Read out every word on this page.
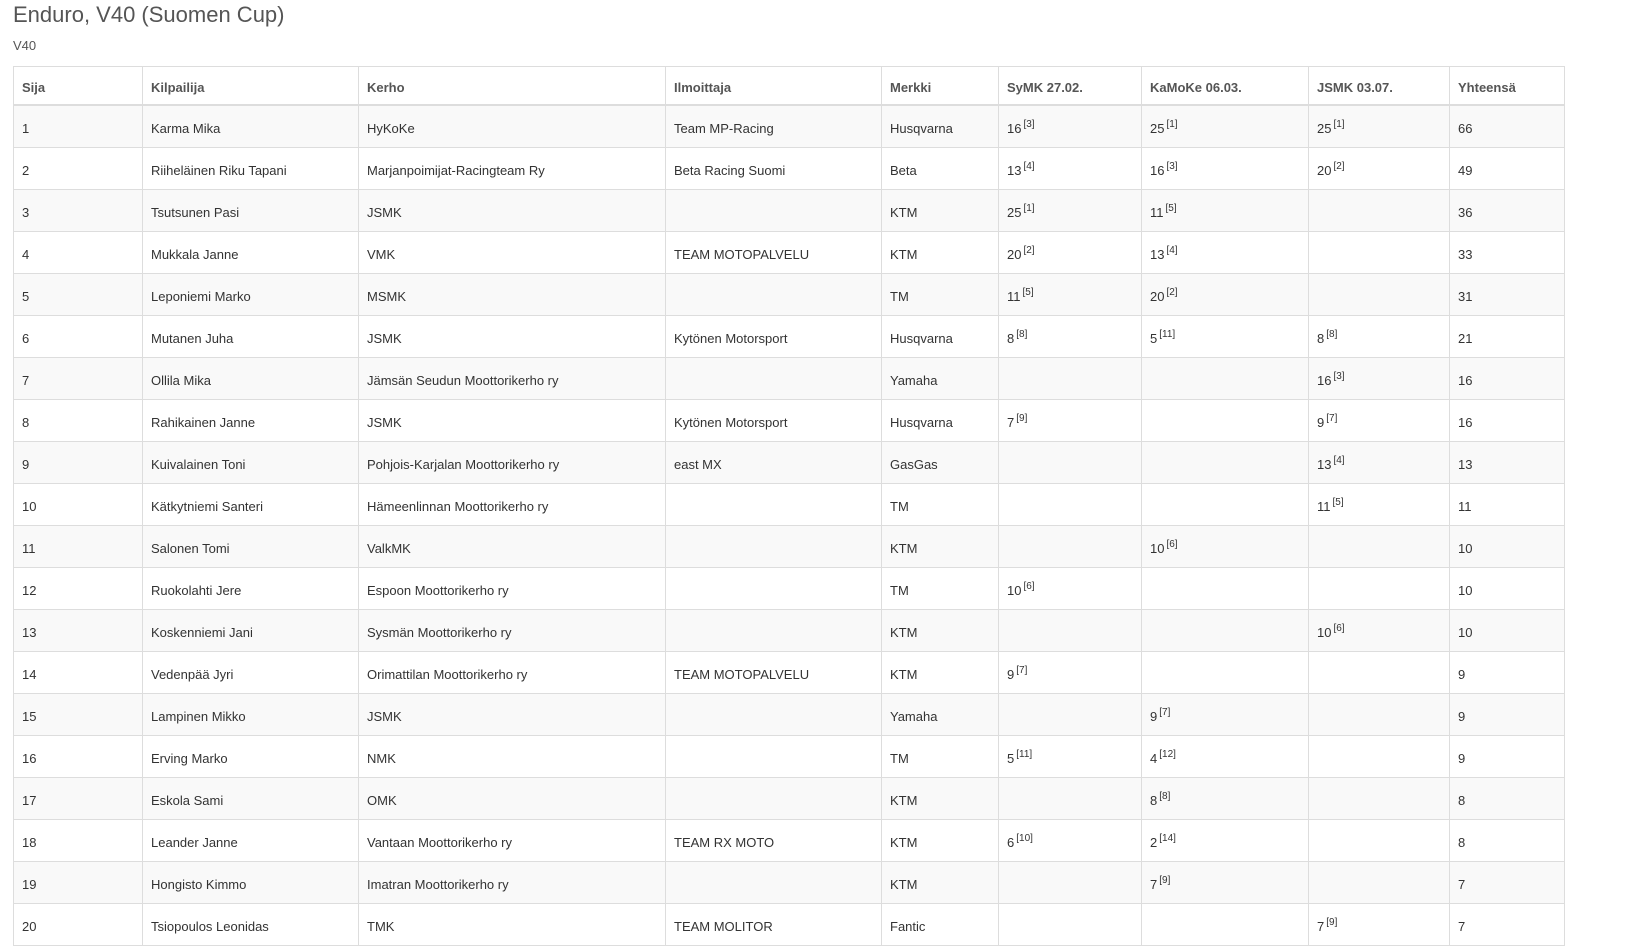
Enduro, V40 (Suomen Cup)
V40
Sija	Kilpailija	Kerho	Ilmoittaja	Merkki	SyMK 27.02.	KaMoKe 06.03.	JSMK 03.07.	Yhteensä
1	Karma Mika	HyKoKe	Team MP-Racing	Husqvarna	16 [3]	25 [1]	25 [1]	66
2	Riiheläinen Riku Tapani	Marjanpoimijat-Racingteam Ry	Beta Racing Suomi	Beta	13 [4]	16 [3]	20 [2]	49
3	Tsutsunen Pasi	JSMK		KTM	25 [1]	11 [5]		36
4	Mukkala Janne	VMK	TEAM MOTOPALVELU	KTM	20 [2]	13 [4]		33
5	Leponiemi Marko	MSMK		TM	11 [5]	20 [2]		31
6	Mutanen Juha	JSMK	Kytönen Motorsport	Husqvarna	8 [8]	5 [11]	8 [8]	21
7	Ollila Mika	Jämsän Seudun Moottorikerho ry		Yamaha			16 [3]	16
8	Rahikainen Janne	JSMK	Kytönen Motorsport	Husqvarna	7 [9]		9 [7]	16
9	Kuivalainen Toni	Pohjois-Karjalan Moottorikerho ry	east MX	GasGas			13 [4]	13
10	Kätkytniemi Santeri	Hämeenlinnan Moottorikerho ry		TM			11 [5]	11
11	Salonen Tomi	ValkMK		KTM		10 [6]		10
12	Ruokolahti Jere	Espoon Moottorikerho ry		TM	10 [6]			10
13	Koskenniemi Jani	Sysmän Moottorikerho ry		KTM			10 [6]	10
14	Vedenpää Jyri	Orimattilan Moottorikerho ry	TEAM MOTOPALVELU	KTM	9 [7]			9
15	Lampinen Mikko	JSMK		Yamaha		9 [7]		9
16	Erving Marko	NMK		TM	5 [11]	4 [12]		9
17	Eskola Sami	OMK		KTM		8 [8]		8
18	Leander Janne	Vantaan Moottorikerho ry	TEAM RX MOTO	KTM	6 [10]	2 [14]		8
19	Hongisto Kimmo	Imatran Moottorikerho ry		KTM		7 [9]		7
20	Tsiopoulos Leonidas	TMK	TEAM MOLITOR	Fantic			7 [9]	7
